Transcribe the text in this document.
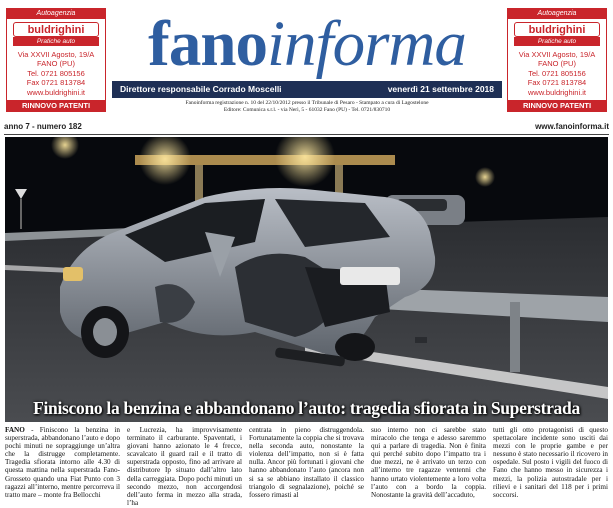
Autoagenzia
buldrighini
Pratiche auto
Via XXVII Agosto, 19/A
FANO (PU)
Tel. 0721 805156
Fax 0721 813784
www.buldrighini.it
RINNOVO PATENTI
Autoagenzia
buldrighini
Pratiche auto
Via XXVII Agosto, 19/A
FANO (PU)
Tel. 0721 805156
Fax 0721 813784
www.buldrighini.it
RINNOVO PATENTI
fanoinforma
Direttore responsabile Corrado Moscelli	venerdì 21 settembre 2018
Fanoinforma registrazione n. 10 del 22/10/2012 presso il Tribunale di Pesaro - Stampato a cura di Lagostelone
Editore: Comunica s.r.l. - via Nerì, 5 - 61032 Fano (PU) - Tel. 0721/830710
anno 7 - numero 182	www.fanoinforma.it
Finiscono la benzina e abbandonano l’auto: tragedia sfiorata in Superstrada
FANO - Finiscono la benzina in superstrada, abbandonano l’auto e dopo pochi minuti ne sopraggiunge un’altra che la distrugge completamente. Tragedia sfiorata intorno alle 4.30 di questa mattina nella superstrada Fano-Grosseto quando una Fiat Punto con 3 ragazzi all’interno, mentre percorreva il tratto mare – monte fra Bellocchi
e Lucrezia, ha improvvisamente terminato il carburante. Spaventati, i giovani hanno azionato le 4 frecce, scavalcato il guard rail e il tratto di superstrada opposto, fino ad arrivare al distributore Ip situato dall’altro lato della carreggiata. Dopo pochi minuti un secondo mezzo, non accorgendosi dell’auto ferma in mezzo alla strada, l’ha
centrata in pieno distruggendola. Fortunatamente la coppia che si trovava nella seconda auto, nonostante la violenza dell’impatto, non si è fatta nulla. Ancor più fortunati i giovani che hanno abbandonato l’auto (ancora non si sa se abbiano installato il classico triangolo di segnalazione), poiché se fossero rimasti al
suo interno non ci sarebbe stato miracolo che tenga e adesso saremmo qui a parlare di tragedia. Non è finita qui perché subito dopo l’impatto tra i due mezzi, ne è arrivato un terzo con all’interno tre ragazze ventenni che hanno urtato violentemente a loro volta l’auto con a bordo la coppia. Nonostante la gravità dell’accaduto,
tutti gli otto protagonisti di questo spettacolare incidente sono usciti dai mezzi con le proprie gambe e per nessuno è stato necessario il ricovero in ospedale. Sul posto i vigili del fuoco di Fano che hanno messo in sicurezza i mezzi, la polizia autostradale per i rilievi e i sanitari del 118 per i primi soccorsi.
